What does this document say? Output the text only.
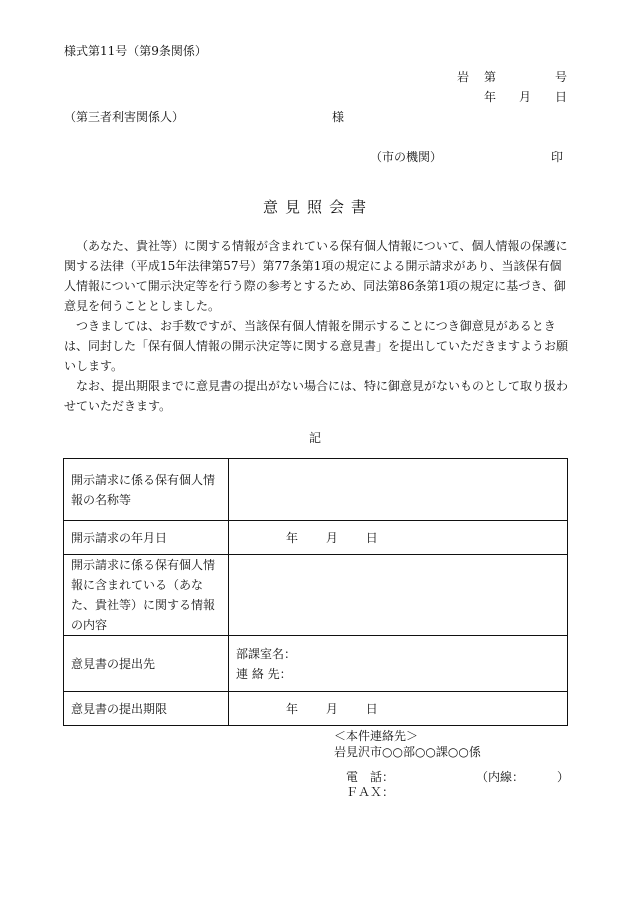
様式第11号（第9条関係）
岩 第	号
年 月 日
（第三者利害関係人）	様
（市の機関）	印
意見照会書

（あなた、貴社等）に関する情報が含まれている保有個人情報について、個人情報の保護に関する法律（平成15年法律第57号）第77条第1項の規定による開示請求があり、当該保有個人情報について開示決定等を行う際の参考とするため、同法第86条第1項の規定に基づき、御意見を伺うこととしました。

つきましては、お手数ですが、当該保有個人情報を開示することにつき御意見があるときは、同封した「保有個人情報の開示決定等に関する意見書」を提出していただきますようお願いします。

なお、提出期限までに意見書の提出がない場合には、特に御意見がないものとして取り扱わせていただきます。

記
開示請求に係る保有個人情報の名称等	
開示請求の年月日	年 月 日
開示請求に係る保有個人情報に含まれている（あなた、貴社等）に関する情報の内容	
意見書の提出先	部課室名：
連 絡 先：

意見書の提出期限	年 月 日
＜本件連絡先＞
岩見沢市○○部○○課○○係
電　話：	（内線：	）
ＦＡＸ：
